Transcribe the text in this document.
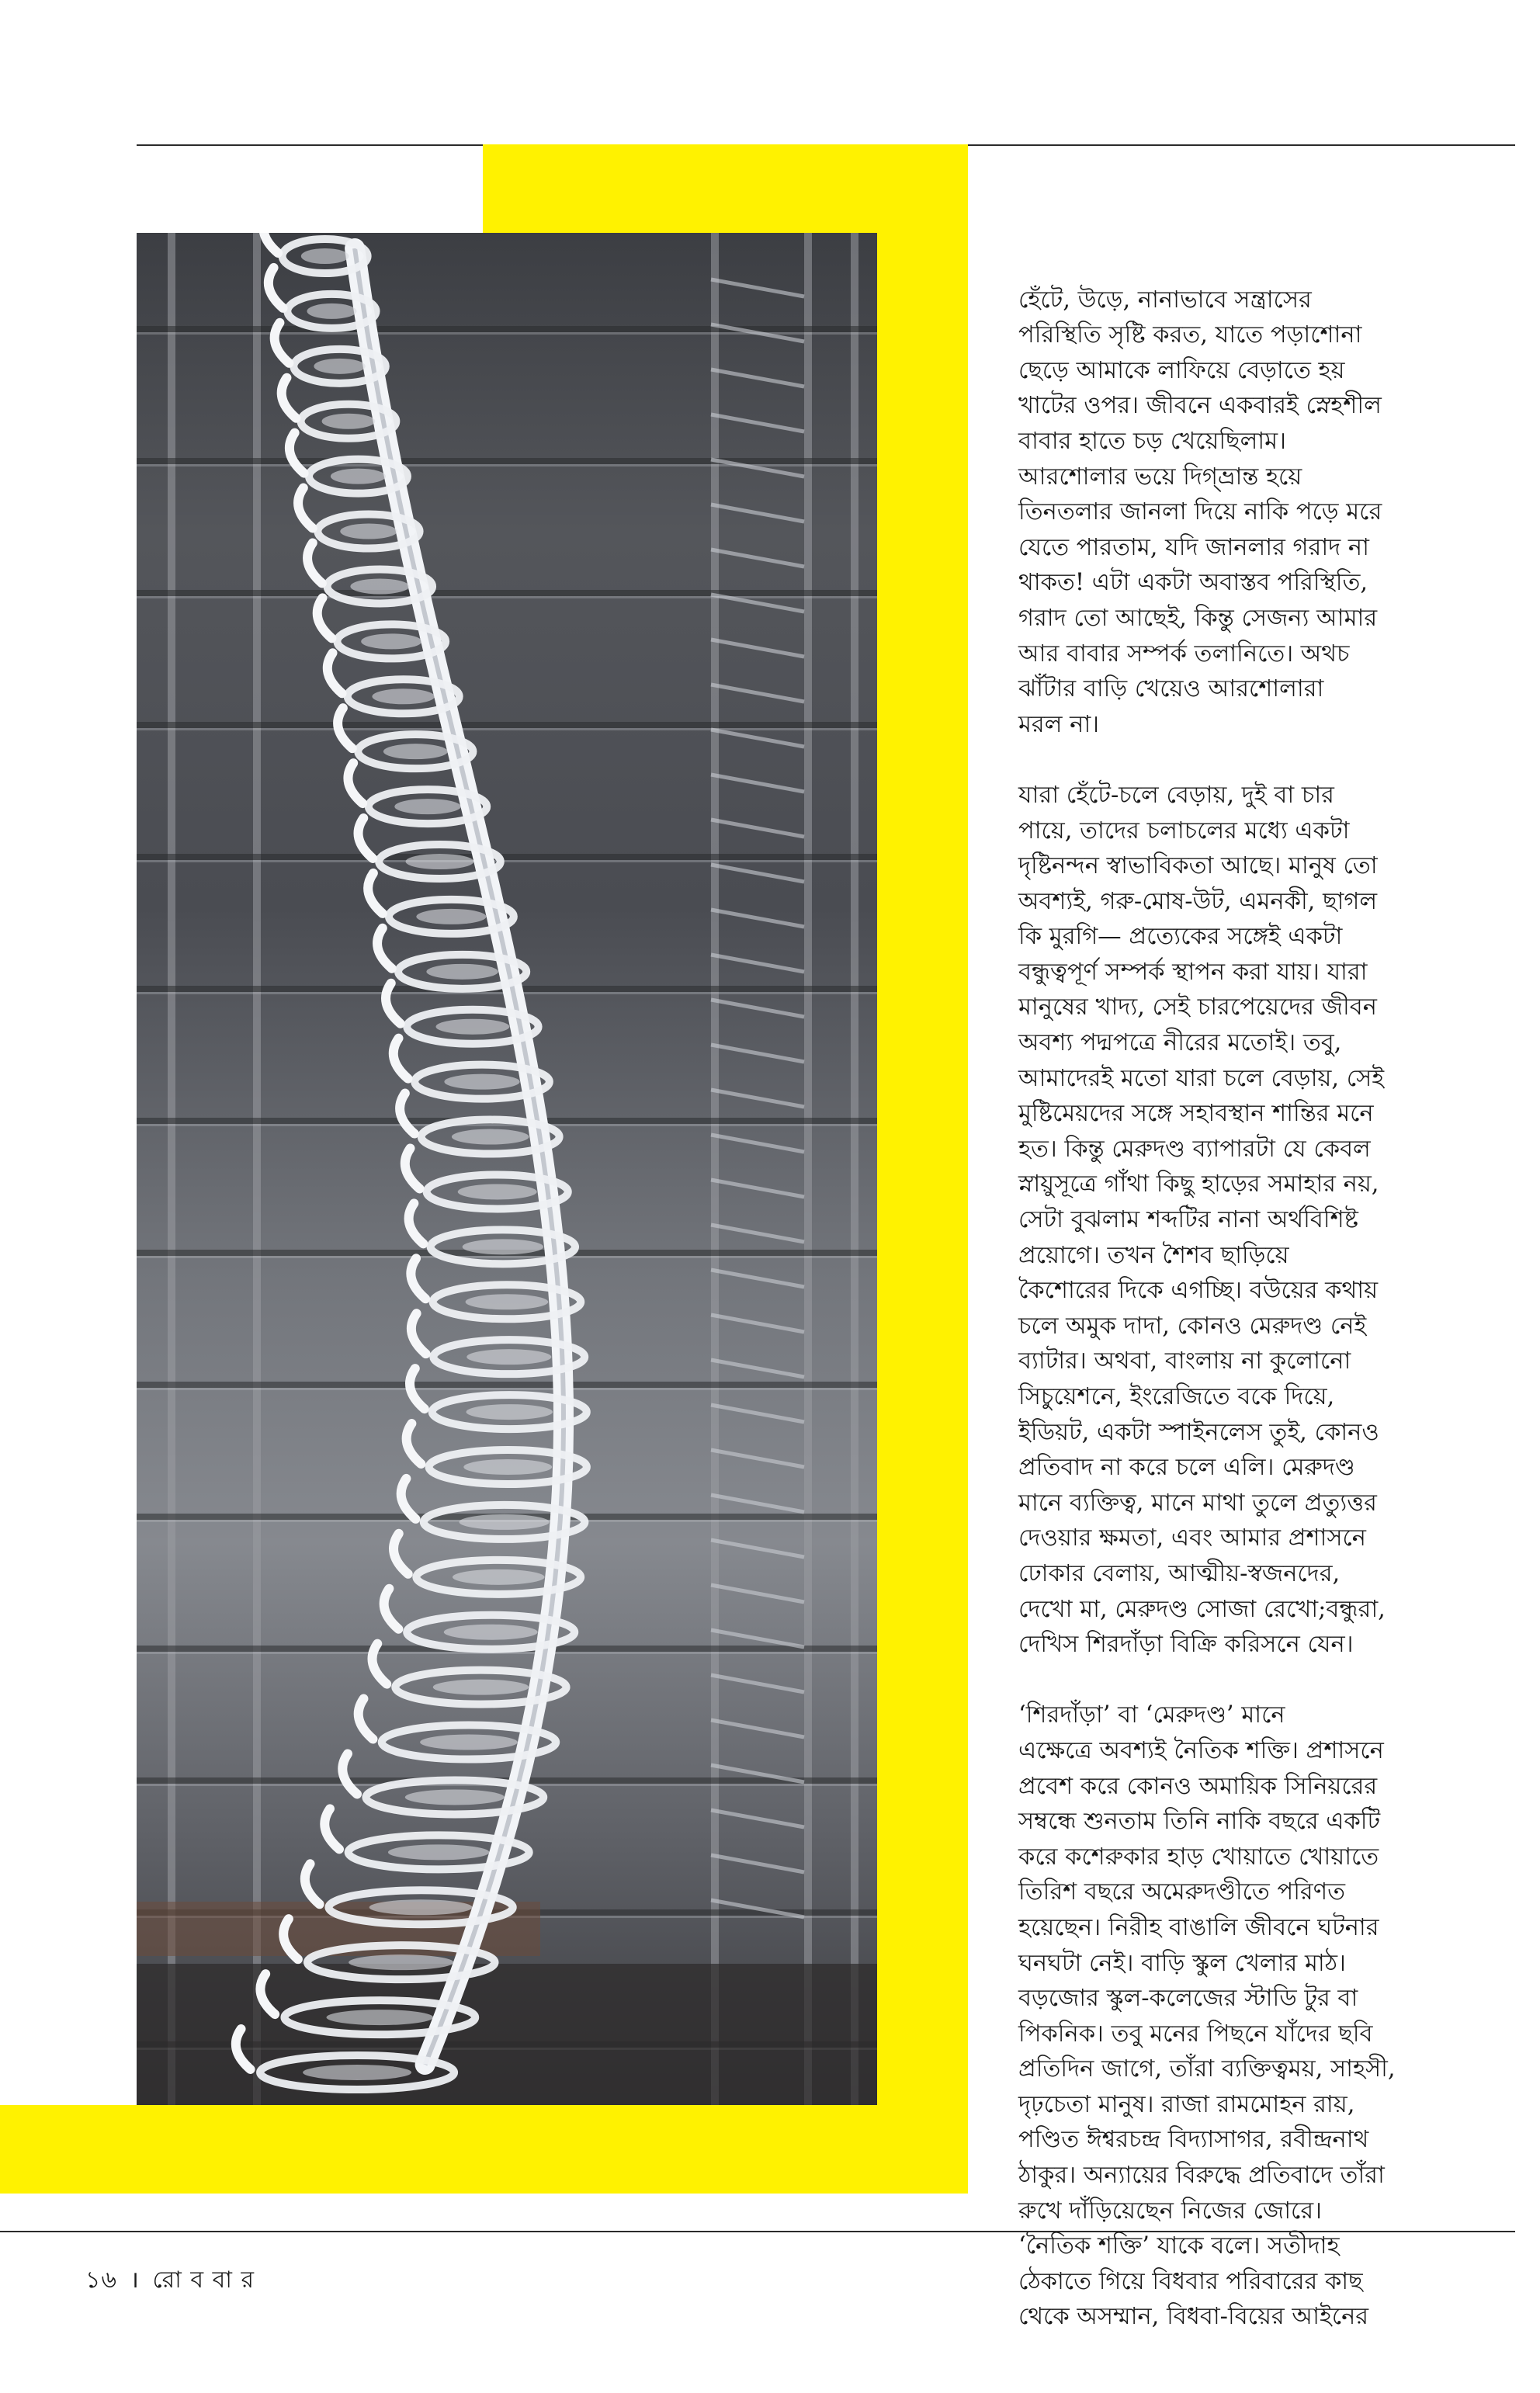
হেঁটে, উড়ে, নানাভাবে সন্ত্রাসের
পরিস্থিতি সৃষ্টি করত, যাতে পড়াশোনা
ছেড়ে আমাকে লাফিয়ে বেড়াতে হয়
খাটের ওপর। জীবনে একবারই স্নেহশীল
বাবার হাতে চড় খেয়েছিলাম।
আরশোলার ভয়ে দিগ্‌ভ্রান্ত হয়ে
তিনতলার জানলা দিয়ে নাকি পড়ে মরে
যেতে পারতাম, যদি জানলার গরাদ না
থাকত! এটা একটা অবাস্তব পরিস্থিতি,
গরাদ তো আছেই, কিন্তু সেজন্য আমার
আর বাবার সম্পর্ক তলানিতে। অথচ
ঝাঁটার বাড়ি খেয়েও আরশোলারা
মরল না।

যারা হেঁটে-চলে বেড়ায়, দুই বা চার
পায়ে, তাদের চলাচলের মধ্যে একটা
দৃষ্টিনন্দন স্বাভাবিকতা আছে। মানুষ তো
অবশ্যই, গরু-মোষ-উট, এমনকী, ছাগল
কি মুরগি— প্রত্যেকের সঙ্গেই একটা
বন্ধুত্বপূর্ণ সম্পর্ক স্থাপন করা যায়। যারা
মানুষের খাদ্য, সেই চারপেয়েদের জীবন
অবশ্য পদ্মপত্রে নীরের মতোই। তবু,
আমাদেরই মতো যারা চলে বেড়ায়, সেই
মুষ্টিমেয়দের সঙ্গে সহাবস্থান শান্তির মনে
হত। কিন্তু মেরুদণ্ড ব্যাপারটা যে কেবল
স্নায়ুসূত্রে গাঁথা কিছু হাড়ের সমাহার নয়,
সেটা বুঝলাম শব্দটির নানা অর্থবিশিষ্ট
প্রয়োগে। তখন শৈশব ছাড়িয়ে
কৈশোরের দিকে এগচ্ছি। বউয়ের কথায়
চলে অমুক দাদা, কোনও মেরুদণ্ড নেই
ব্যাটার। অথবা, বাংলায় না কুলোনো
সিচুয়েশনে, ইংরেজিতে বকে দিয়ে,
ইডিয়ট, একটা স্পাইনলেস তুই, কোনও
প্রতিবাদ না করে চলে এলি। মেরুদণ্ড
মানে ব্যক্তিত্ব, মানে মাথা তুলে প্রত্যুত্তর
দেওয়ার ক্ষমতা, এবং আমার প্রশাসনে
ঢোকার বেলায়, আত্মীয়-স্বজনদের,
দেখো মা, মেরুদণ্ড সোজা রেখো;বন্ধুরা,
দেখিস শিরদাঁড়া বিক্রি করিসনে যেন।

‘শিরদাঁড়া’ বা ‘মেরুদণ্ড’ মানে
এক্ষেত্রে অবশ্যই নৈতিক শক্তি। প্রশাসনে
প্রবেশ করে কোনও অমায়িক সিনিয়রের
সম্বন্ধে শুনতাম তিনি নাকি বছরে একটি
করে কশেরুকার হাড় খোয়াতে খোয়াতে
তিরিশ বছরে অমেরুদণ্ডীতে পরিণত
হয়েছেন। নিরীহ বাঙালি জীবনে ঘটনার
ঘনঘটা নেই। বাড়ি স্কুল খেলার মাঠ।
বড়জোর স্কুল-কলেজের স্টাডি টুর বা
পিকনিক। তবু মনের পিছনে যাঁদের ছবি
প্রতিদিন জাগে, তাঁরা ব্যক্তিত্বময়, সাহসী,
দৃঢ়চেতা মানুষ। রাজা রামমোহন রায়,
পণ্ডিত ঈশ্বরচন্দ্র বিদ্যাসাগর, রবীন্দ্রনাথ
ঠাকুর। অন্যায়ের বিরুদ্ধে প্রতিবাদে তাঁরা
রুখে দাঁড়িয়েছেন নিজের জোরে।
‘নৈতিক শক্তি’ যাকে বলে। সতীদাহ
ঠেকাতে গিয়ে বিধবার পরিবারের কাছ
থেকে অসম্মান, বিধবা-বিয়ের আইনের

১৬ । রো ব বা র
